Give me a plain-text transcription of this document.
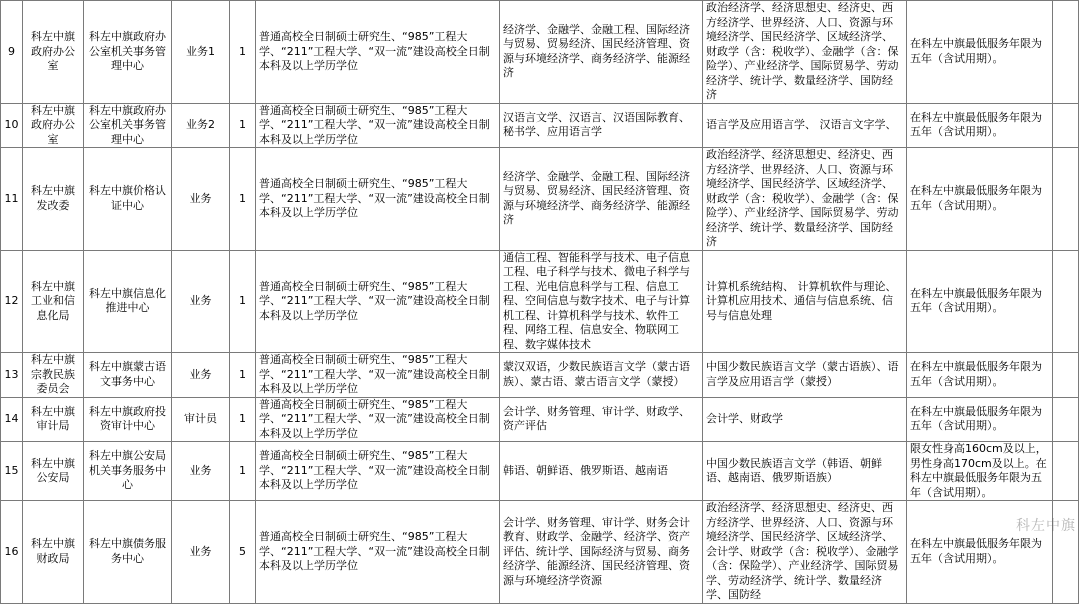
9	科左中旗政府办公室	科左中旗政府办公室机关事务管理中心	业务1	1	普通高校全日制硕士研究生、“985”工程大学、“211”工程大学、“双一流”建设高校全日制本科及以上学历学位	经济学、金融学、金融工程、国际经济与贸易、贸易经济、国民经济管理、资源与环境经济学、商务经济学、能源经济	政治经济学、经济思想史、经济史、西方经济学、世界经济、人口、资源与环境经济学、国民经济学、区域经济学、财政学（含：税收学）、金融学（含：保险学）、产业经济学、国际贸易学、劳动经济学、统计学、数量经济学、国防经济	在科左中旗最低服务年限为五年（含试用期）。	
10	科左中旗政府办公室	科左中旗政府办公室机关事务管理中心	业务2	1	普通高校全日制硕士研究生、“985”工程大学、“211”工程大学、“双一流”建设高校全日制本科及以上学历学位	汉语言文学、汉语言、汉语国际教育、秘书学、应用语言学	语言学及应用语言学、 汉语言文字学、	在科左中旗最低服务年限为五年（含试用期）。	
11	科左中旗发改委	科左中旗价格认证中心	业务	1	普通高校全日制硕士研究生、“985”工程大学、“211”工程大学、“双一流”建设高校全日制本科及以上学历学位	经济学、金融学、金融工程、国际经济与贸易、贸易经济、国民经济管理、资源与环境经济学、商务经济学、能源经济	政治经济学、经济思想史、经济史、西方经济学、世界经济、人口、资源与环境经济学、国民经济学、区域经济学、财政学（含：税收学）、金融学（含：保险学）、产业经济学、国际贸易学、劳动经济学、统计学、数量经济学、国防经济	在科左中旗最低服务年限为五年（含试用期）。	
12	科左中旗工业和信息化局	科左中旗信息化推进中心	业务	1	普通高校全日制硕士研究生、“985”工程大学、“211”工程大学、“双一流”建设高校全日制本科及以上学历学位	通信工程、智能科学与技术、电子信息工程、电子科学与技术、微电子科学与工程、光电信息科学与工程、信息工程、空间信息与数字技术、电子与计算机工程、计算机科学与技术、软件工程、网络工程、信息安全、物联网工程、数字媒体技术	计算机系统结构、 计算机软件与理论、计算机应用技术、通信与信息系统、信号与信息处理	在科左中旗最低服务年限为五年（含试用期）。	
13	科左中旗宗教民族委员会	科左中旗蒙古语文事务中心	业务	1	普通高校全日制硕士研究生、“985”工程大学、“211”工程大学、“双一流”建设高校全日制本科及以上学历学位	蒙汉双语，少数民族语言文学（蒙古语族）、蒙古语、蒙古语言文学（蒙授）	中国少数民族语言文学（蒙古语族）、语言学及应用语言学（蒙授）	在科左中旗最低服务年限为五年（含试用期）。	
14	科左中旗审计局	科左中旗政府投资审计中心	审计员	1	普通高校全日制硕士研究生、“985”工程大学、“211”工程大学、“双一流”建设高校全日制本科及以上学历学位	会计学、财务管理、审计学、财政学、资产评估	会计学、财政学	在科左中旗最低服务年限为五年（含试用期）。	
15	科左中旗公安局	科左中旗公安局机关事务服务中心	业务	1	普通高校全日制硕士研究生、“985”工程大学、“211”工程大学、“双一流”建设高校全日制本科及以上学历学位	韩语、朝鲜语、俄罗斯语、越南语	中国少数民族语言文学（韩语、朝鲜语、越南语、俄罗斯语族）	限女性身高160cm及以上，男性身高170cm及以上。在科左中旗最低服务年限为五年（含试用期）。	
16	科左中旗财政局	科左中旗债务服务中心	业务	5	普通高校全日制硕士研究生、“985”工程大学、“211”工程大学、“双一流”建设高校全日制本科及以上学历学位	会计学、财务管理、审计学、财务会计教育、财政学、金融学、经济学、资产评估、统计学、国际经济与贸易、商务经济学、能源经济、国民经济管理、资源与环境经济学资源	政治经济学、经济思想史、经济史、西方经济学、世界经济、人口、资源与环境经济学、国民经济学、区域经济学、会计学、财政学（含：税收学）、金融学（含：保险学）、产业经济学、国际贸易学、劳动经济学、统计学、数量经济学、国防经	在科左中旗最低服务年限为五年（含试用期）。	
科左中旗
